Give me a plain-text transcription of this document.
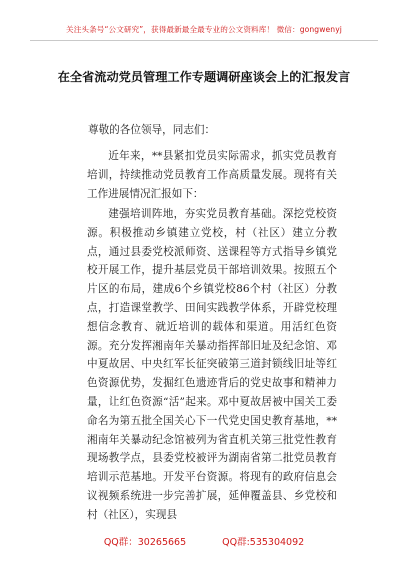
关注头条号“公文研究”，获得最新最全最专业的公文资料库！ 微信：gongwenyj
在全省流动党员管理工作专题调研座谈会上的汇报发言
尊敬的各位领导，同志们：

近年来，**县紧扣党员实际需求，抓实党员教育培训，持续推动党员教育工作高质量发展。现将有关工作进展情况汇报如下：

建强培训阵地，夯实党员教育基础。深挖党校资源。积极推动乡镇建立党校，村（社区）建立分教点，通过县委党校派师资、送课程等方式指导乡镇党校开展工作，提升基层党员干部培训效果。按照五个片区的布局，建成6个乡镇党校86个村（社区）分教点，打造课堂教学、田间实践教学体系，开辟党校理想信念教育、就近培训的载体和渠道。用活红色资源。充分发挥湘南年关暴动指挥部旧址及纪念馆、邓中夏故居、中央红军长征突破第三道封锁线旧址等红色资源优势，发掘红色遗迹背后的党史故事和精神力量，让红色资源“活”起来。邓中夏故居被中国关工委命名为第五批全国关心下一代党史国史教育基地，**湘南年关暴动纪念馆被列为省直机关第三批党性教育现场教学点，县委党校被评为湖南省第二批党员教育培训示范基地。开发平台资源。将现有的政府信息会议视频系统进一步完善扩展，延伸覆盖县、乡党校和村（社区），实现县

QQ群：30265665	QQ群:535304092
